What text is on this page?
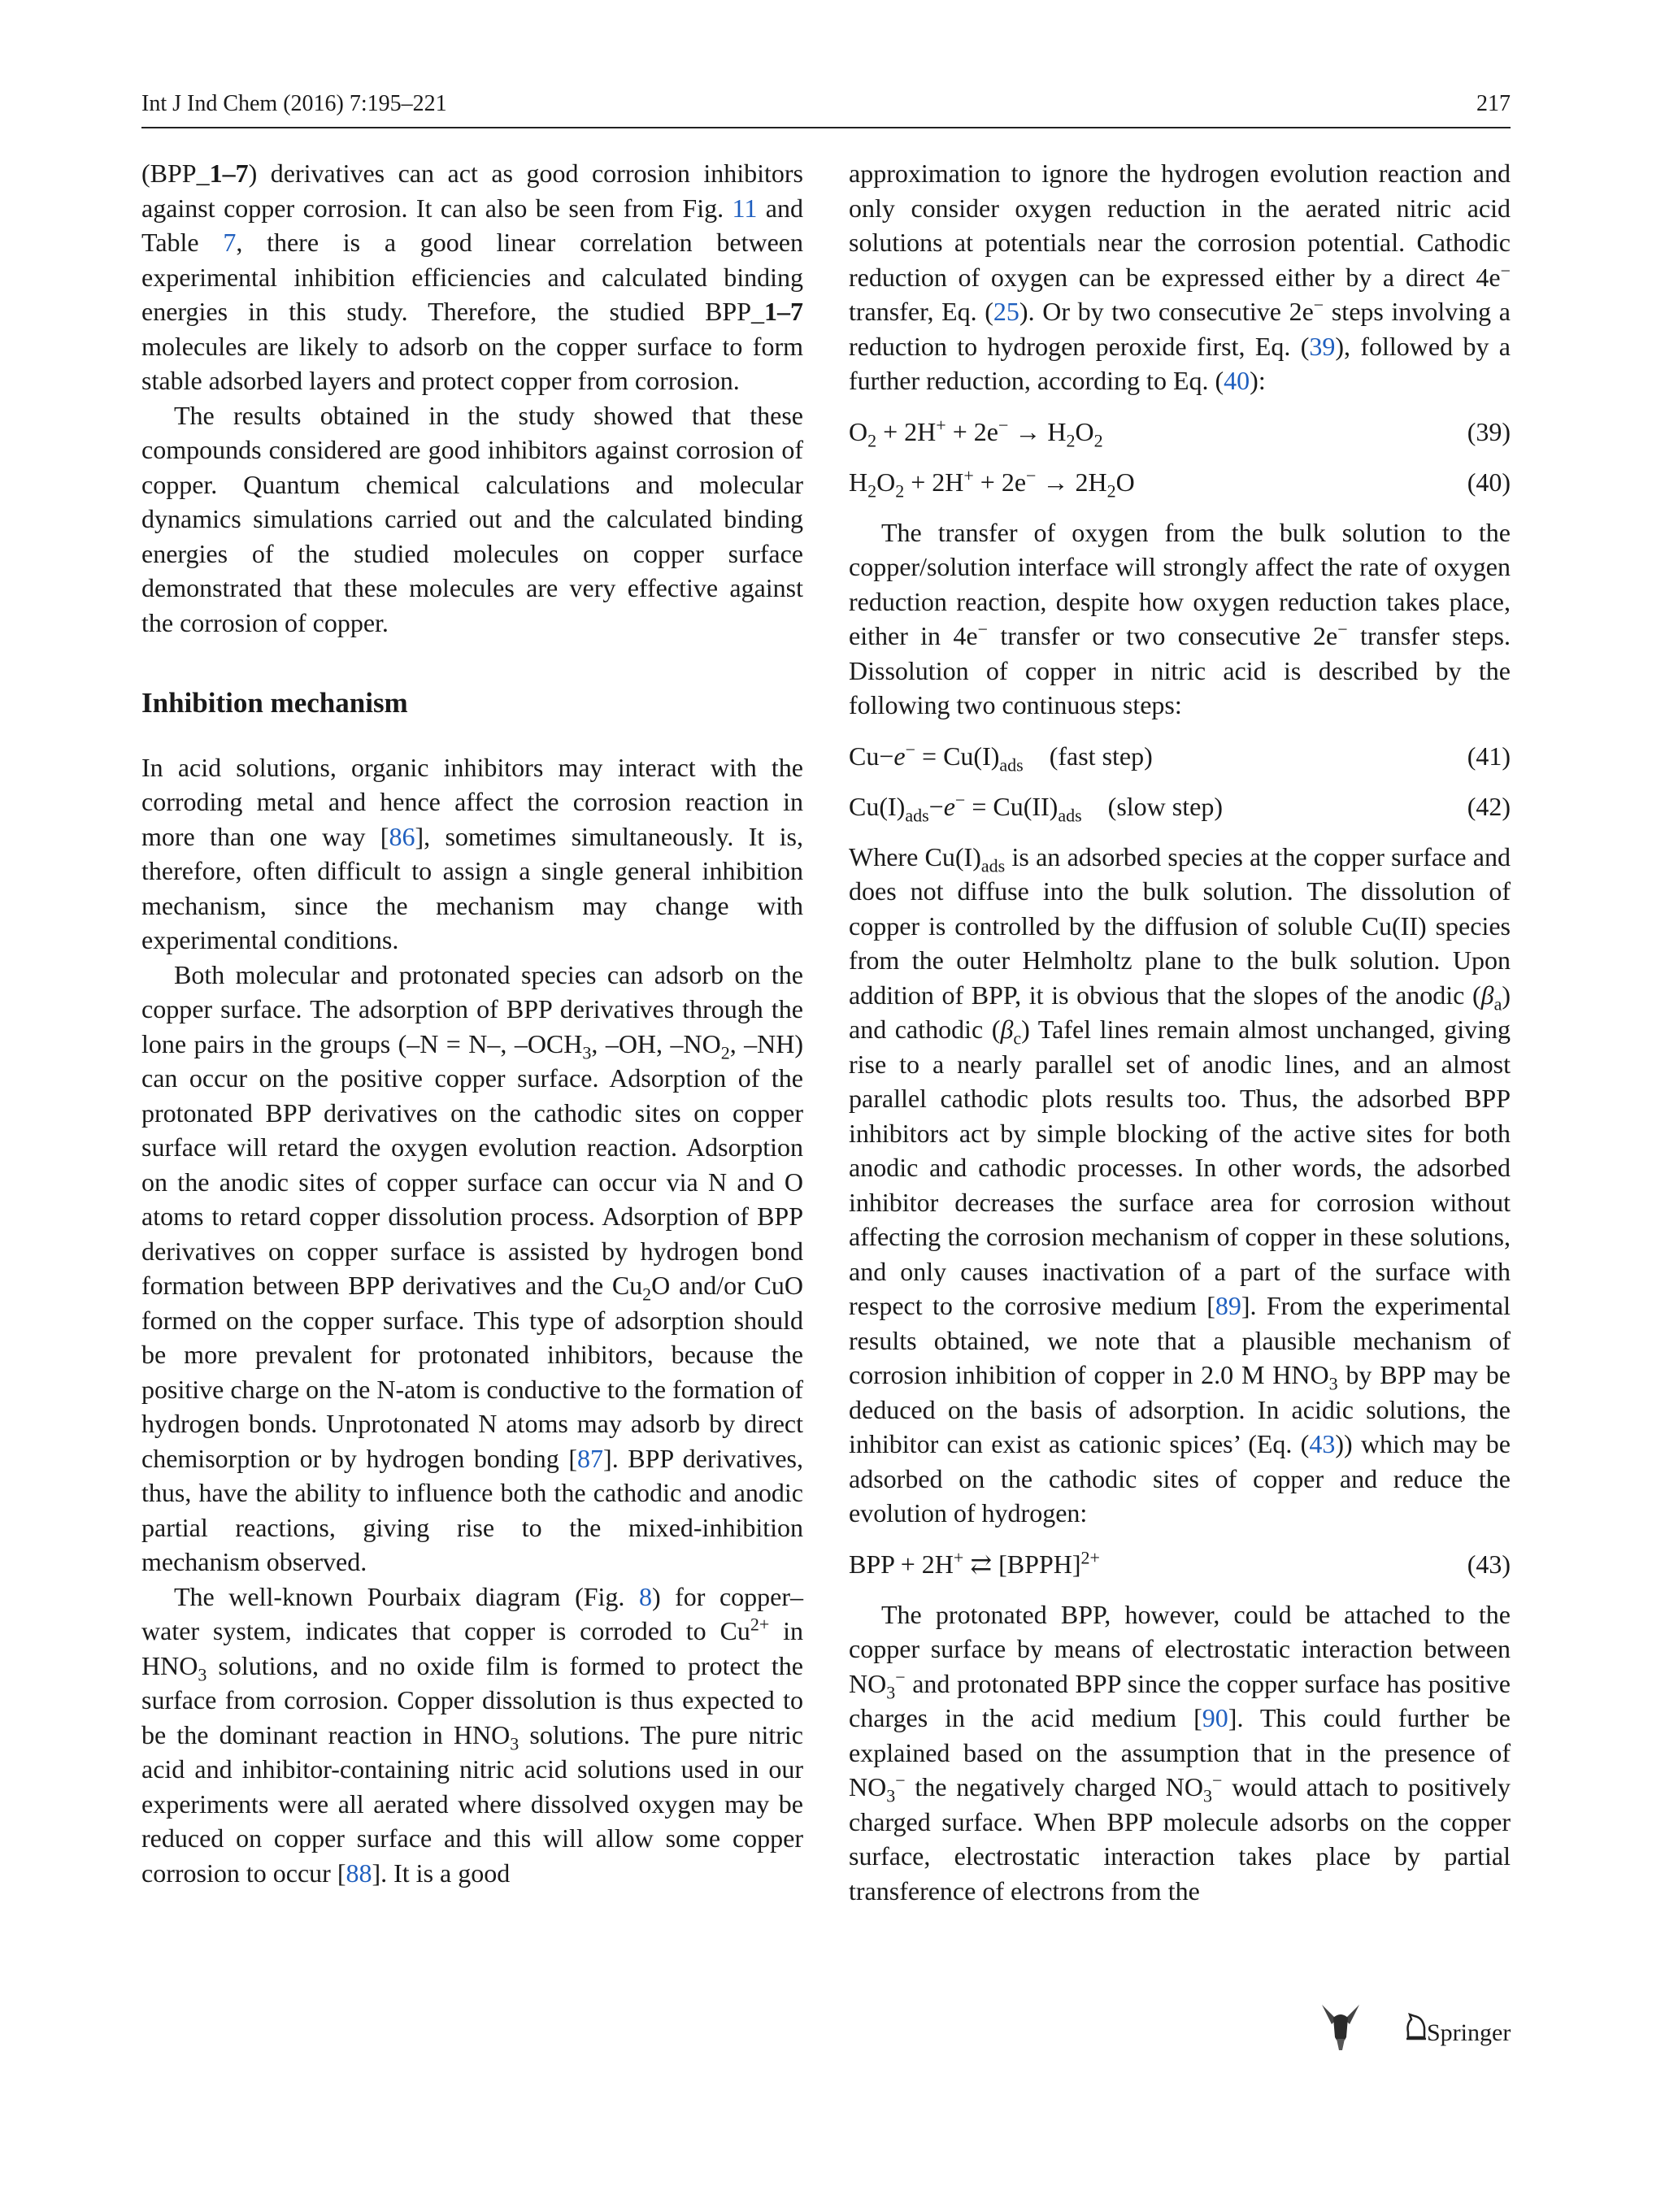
Int J Ind Chem (2016) 7:195–221	217

(BPP_1–7) derivatives can act as good corrosion inhibitors against copper corrosion. It can also be seen from Fig. 11 and Table 7, there is a good linear correlation between experimental inhibition efficiencies and calculated binding energies in this study. Therefore, the studied BPP_1–7 molecules are likely to adsorb on the copper surface to form stable adsorbed layers and protect copper from corrosion.

The results obtained in the study showed that these compounds considered are good inhibitors against corrosion of copper. Quantum chemical calculations and molecular dynamics simulations carried out and the calculated binding energies of the studied molecules on copper surface demonstrated that these molecules are very effective against the corrosion of copper.

Inhibition mechanism

In acid solutions, organic inhibitors may interact with the corroding metal and hence affect the corrosion reaction in more than one way [86], sometimes simultaneously. It is, therefore, often difficult to assign a single general inhibition mechanism, since the mechanism may change with experimental conditions.

Both molecular and protonated species can adsorb on the copper surface. The adsorption of BPP derivatives through the lone pairs in the groups (–N = N–, $-OCH_3$, –OH, $-NO_2$, –NH) can occur on the positive copper surface. Adsorption of the protonated BPP derivatives on the cathodic sites on copper surface will retard the oxygen evolution reaction. Adsorption on the anodic sites of copper surface can occur via N and O atoms to retard copper dissolution process. Adsorption of BPP derivatives on copper surface is assisted by hydrogen bond formation between BPP derivatives and the $Cu_2O$ and/or CuO formed on the copper surface. This type of adsorption should be more prevalent for protonated inhibitors, because the positive charge on the N-atom is conductive to the formation of hydrogen bonds. Unprotonated N atoms may adsorb by direct chemisorption or by hydrogen bonding [87]. BPP derivatives, thus, have the ability to influence both the cathodic and anodic partial reactions, giving rise to the mixed-inhibition mechanism observed.

The well-known Pourbaix diagram (Fig. 8) for copper–water system, indicates that copper is corroded to $Cu^{2+}$ in $HNO_3$ solutions, and no oxide film is formed to protect the surface from corrosion. Copper dissolution is thus expected to be the dominant reaction in $HNO_3$ solutions. The pure nitric acid and inhibitor-containing nitric acid solutions used in our experiments were all aerated where dissolved oxygen may be reduced on copper surface and this will allow some copper corrosion to occur [88]. It is a good

approximation to ignore the hydrogen evolution reaction and only consider oxygen reduction in the aerated nitric acid solutions at potentials near the corrosion potential. Cathodic reduction of oxygen can be expressed either by a direct 4e− transfer, Eq. (25). Or by two consecutive 2e− steps involving a reduction to hydrogen peroxide first, Eq. (39), followed by a further reduction, according to Eq. (40):

$O_2 + 2H^+ + 2e^- \to H_2O_2$	(39)
$H_2O_2 + 2H^+ + 2e^- \to 2H_2O$	(40)

The transfer of oxygen from the bulk solution to the copper/solution interface will strongly affect the rate of oxygen reduction reaction, despite how oxygen reduction takes place, either in 4e− transfer or two consecutive 2e− transfer steps. Dissolution of copper in nitric acid is described by the following two continuous steps:

$Cu-e^- = Cu(I)_{ads}$ (fast step)	(41)
$Cu(I)_{ads}-e^- = Cu(II)_{ads}$ (slow step)	(42)

Where $Cu(I)_{ads}$ is an adsorbed species at the copper surface and does not diffuse into the bulk solution. The dissolution of copper is controlled by the diffusion of soluble Cu(II) species from the outer Helmholtz plane to the bulk solution. Upon addition of BPP, it is obvious that the slopes of the anodic $(\beta_a)$ and cathodic $(\beta_c)$ Tafel lines remain almost unchanged, giving rise to a nearly parallel set of anodic lines, and an almost parallel cathodic plots results too. Thus, the adsorbed BPP inhibitors act by simple blocking of the active sites for both anodic and cathodic processes. In other words, the adsorbed inhibitor decreases the surface area for corrosion without affecting the corrosion mechanism of copper in these solutions, and only causes inactivation of a part of the surface with respect to the corrosive medium [89]. From the experimental results obtained, we note that a plausible mechanism of corrosion inhibition of copper in 2.0 M $HNO_3$ by BPP may be deduced on the basis of adsorption. In acidic solutions, the inhibitor can exist as cationic spices’ (Eq. (43)) which may be adsorbed on the cathodic sites of copper and reduce the evolution of hydrogen:

BPP + 2H+ ⇄ [BPPH]$^{2+}$	(43)

The protonated BPP, however, could be attached to the copper surface by means of electrostatic interaction between $NO_3^-$ and protonated BPP since the copper surface has positive charges in the acid medium [90]. This could further be explained based on the assumption that in the presence of $NO_3^-$ the negatively charged $NO_3^-$ would attach to positively charged surface. When BPP molecule adsorbs on the copper surface, electrostatic interaction takes place by partial transference of electrons from the

Springer
